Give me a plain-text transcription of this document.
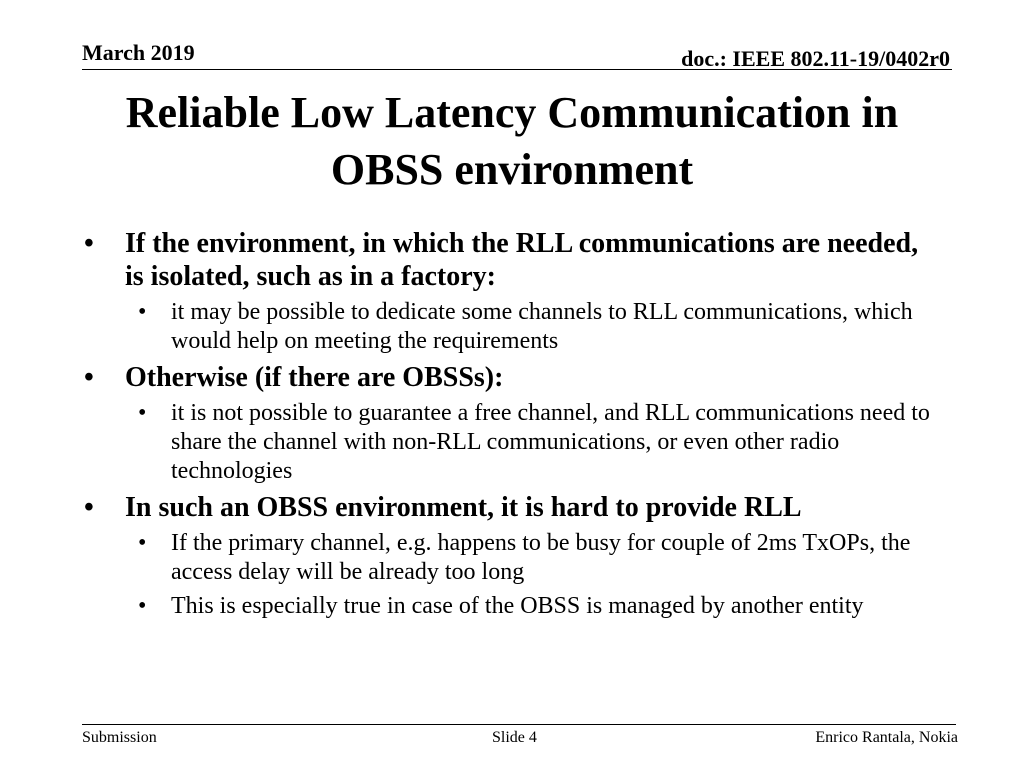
March 2019	doc.: IEEE 802.11-19/0402r0
Reliable Low Latency Communication in
OBSS environment
• If the environment, in which the RLL communications are needed, is isolated, such as in a factory:
• it may be possible to dedicate some channels to RLL communications, which would help on meeting the requirements
• Otherwise (if there are OBSSs):
• it is not possible to guarantee a free channel, and RLL communications need to share the channel with non-RLL communications, or even other radio technologies
• In such an OBSS environment, it is hard to provide RLL
• If the primary channel, e.g. happens to be busy for couple of 2ms TxOPs, the access delay will be already too long
• This is especially true in case of the OBSS is managed by another entity
Submission	Slide 4	Enrico Rantala, Nokia
